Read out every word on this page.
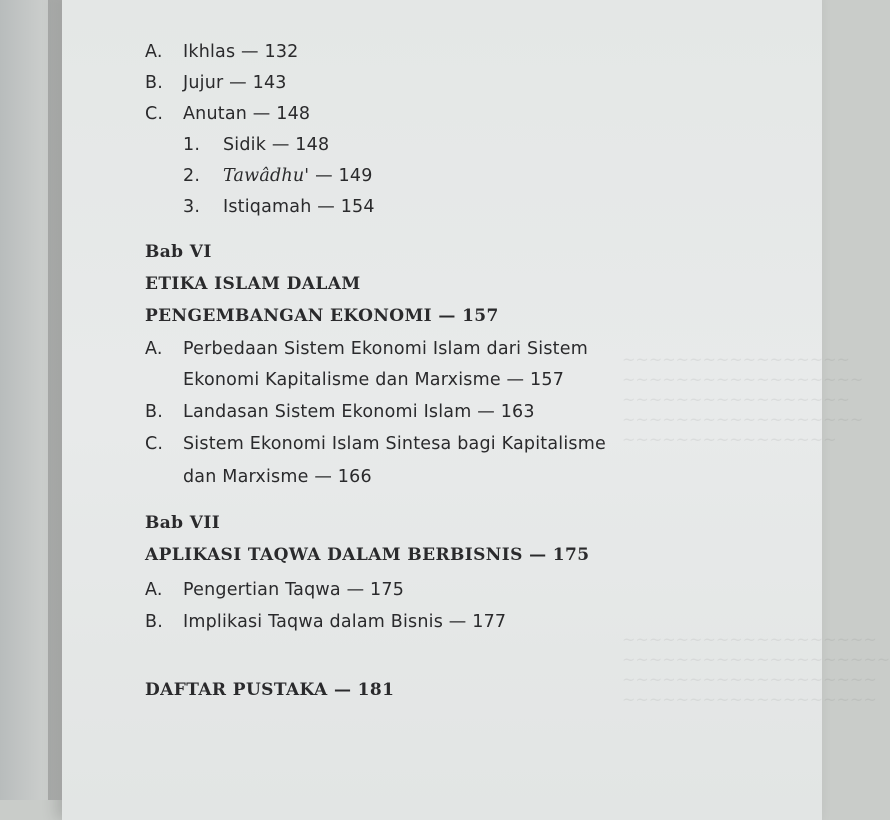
~~~~~~~~~~~~~~~~~
~~~~~~~~~~~~~~~~~~
~~~~~~~~~~~~~~~~~
~~~~~~~~~~~~~~~~~~
~~~~~~~~~~~~~~~~
~~~~~~~~~~~~~~~~~~~
~~~~~~~~~~~~~~~~~~~~
~~~~~~~~~~~~~~~~~~~
~~~~~~~~~~~~~~~~~~~
A. Ikhlas — 132
B. Jujur — 143
C. Anutan — 148
1. Sidik — 148
2. Tawâdhu' — 149
3. Istiqamah — 154
Bab VI
ETIKA ISLAM DALAM
PENGEMBANGAN EKONOMI — 157
A. Perbedaan Sistem Ekonomi Islam dari Sistem
Ekonomi Kapitalisme dan Marxisme — 157
B. Landasan Sistem Ekonomi Islam — 163
C. Sistem Ekonomi Islam Sintesa bagi Kapitalisme
dan Marxisme — 166
Bab VII
APLIKASI TAQWA DALAM BERBISNIS — 175
A. Pengertian Taqwa — 175
B. Implikasi Taqwa dalam Bisnis — 177
DAFTAR PUSTAKA — 181
